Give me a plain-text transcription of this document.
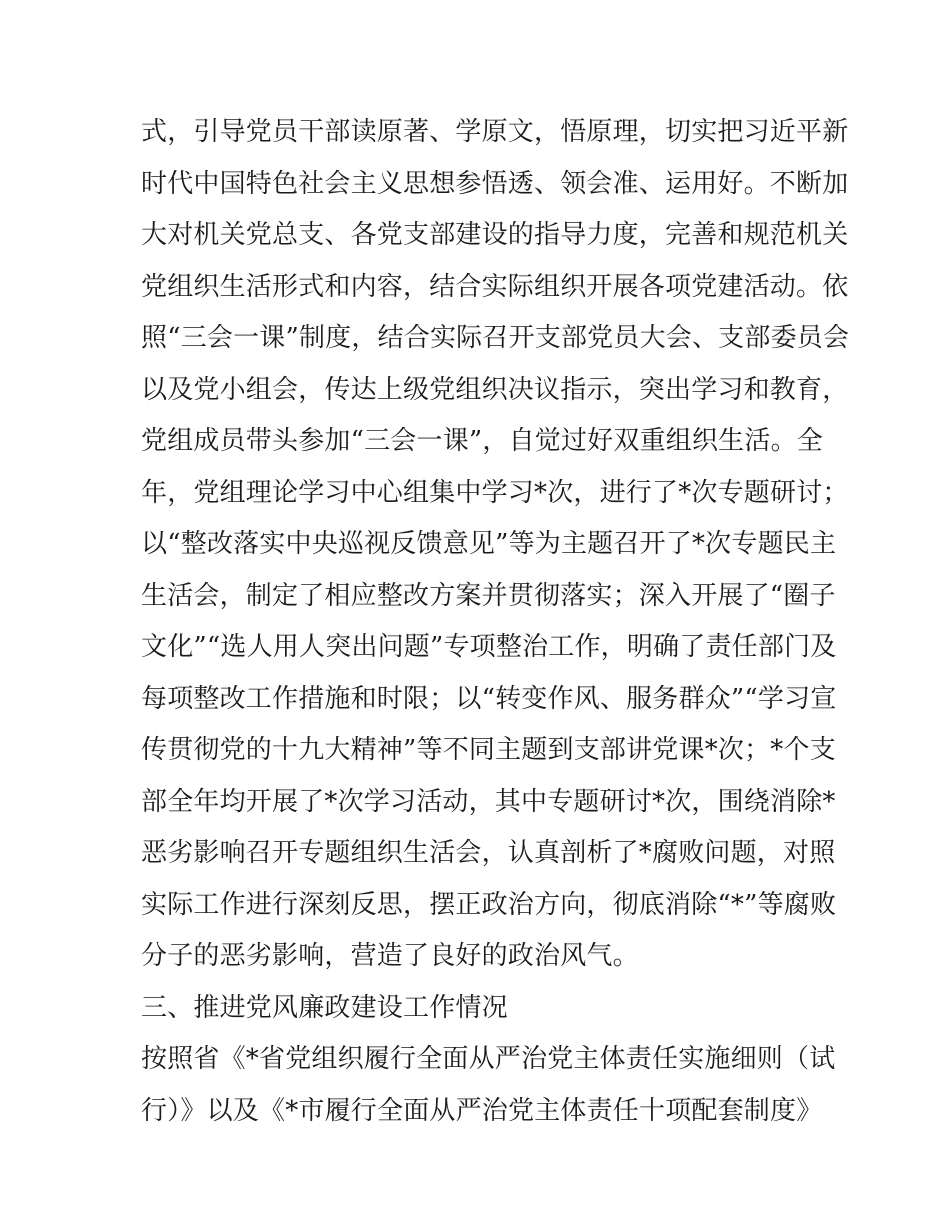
式，引导党员干部读原著、学原文，悟原理，切实把习近平新
时代中国特色社会主义思想参悟透、领会准、运用好。不断加
大对机关党总支、各党支部建设的指导力度，完善和规范机关
党组织生活形式和内容，结合实际组织开展各项党建活动。依
照“三会一课”制度，结合实际召开支部党员大会、支部委员会
以及党小组会，传达上级党组织决议指示，突出学习和教育，
党组成员带头参加“三会一课”，自觉过好双重组织生活。全
年，党组理论学习中心组集中学习*次，进行了*次专题研讨；
以“整改落实中央巡视反馈意见”等为主题召开了*次专题民主
生活会，制定了相应整改方案并贯彻落实；深入开展了“圈子
文化”“选人用人突出问题”专项整治工作，明确了责任部门及
每项整改工作措施和时限；以“转变作风、服务群众”“学习宣
传贯彻党的十九大精神”等不同主题到支部讲党课*次；*个支
部全年均开展了*次学习活动，其中专题研讨*次，围绕消除*
恶劣影响召开专题组织生活会，认真剖析了*腐败问题，对照
实际工作进行深刻反思，摆正政治方向，彻底消除“*”等腐败
分子的恶劣影响，营造了良好的政治风气。
三、推进党风廉政建设工作情况
按照省《*省党组织履行全面从严治党主体责任实施细则（试
行）》以及《*市履行全面从严治党主体责任十项配套制度》
